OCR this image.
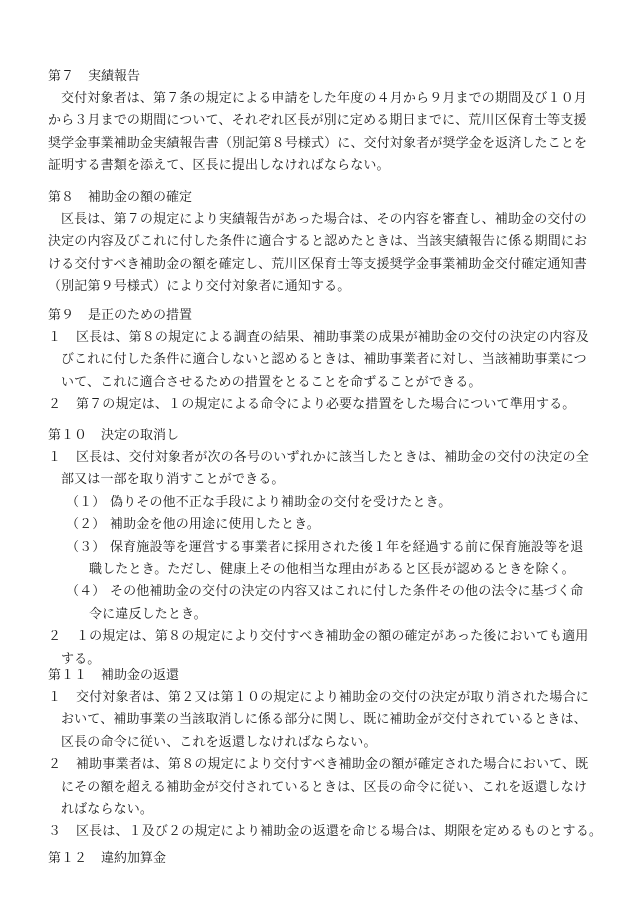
第７ 実績報告
交付対象者は、第７条の規定による申請をした年度の４月から９月までの期間及び１０月
から３月までの期間について、それぞれ区長が別に定める期日までに、荒川区保育士等支援
奨学金事業補助金実績報告書（別記第８号様式）に、交付対象者が奨学金を返済したことを
証明する書類を添えて、区長に提出しなければならない。
第８ 補助金の額の確定
区長は、第７の規定により実績報告があった場合は、その内容を審査し、補助金の交付の
決定の内容及びこれに付した条件に適合すると認めたときは、当該実績報告に係る期間にお
ける交付すべき補助金の額を確定し、荒川区保育士等支援奨学金事業補助金交付確定通知書
（別記第９号様式）により交付対象者に通知する。
第９ 是正のための措置
１ 区長は、第８の規定による調査の結果、補助事業の成果が補助金の交付の決定の内容及
びこれに付した条件に適合しないと認めるときは、補助事業者に対し、当該補助事業につ
いて、これに適合させるための措置をとることを命ずることができる。
２ 第７の規定は、１の規定による命令により必要な措置をした場合について準用する。
第１０ 決定の取消し
１ 区長は、交付対象者が次の各号のいずれかに該当したときは、補助金の交付の決定の全
部又は一部を取り消すことができる。
（１） 偽りその他不正な手段により補助金の交付を受けたとき。
（２） 補助金を他の用途に使用したとき。
（３） 保育施設等を運営する事業者に採用された後１年を経過する前に保育施設等を退
職したとき。ただし、健康上その他相当な理由があると区長が認めるときを除く。
（４） その他補助金の交付の決定の内容又はこれに付した条件その他の法令に基づく命
令に違反したとき。
２ １の規定は、第８の規定により交付すべき補助金の額の確定があった後においても適用
する。
第１１ 補助金の返還
１ 交付対象者は、第２又は第１０の規定により補助金の交付の決定が取り消された場合に
おいて、補助事業の当該取消しに係る部分に関し、既に補助金が交付されているときは、
区長の命令に従い、これを返還しなければならない。
２ 補助事業者は、第８の規定により交付すべき補助金の額が確定された場合において、既
にその額を超える補助金が交付されているときは、区長の命令に従い、これを返還しなけ
ればならない。
３ 区長は、１及び２の規定により補助金の返還を命じる場合は、期限を定めるものとする。
第１２ 違約加算金
